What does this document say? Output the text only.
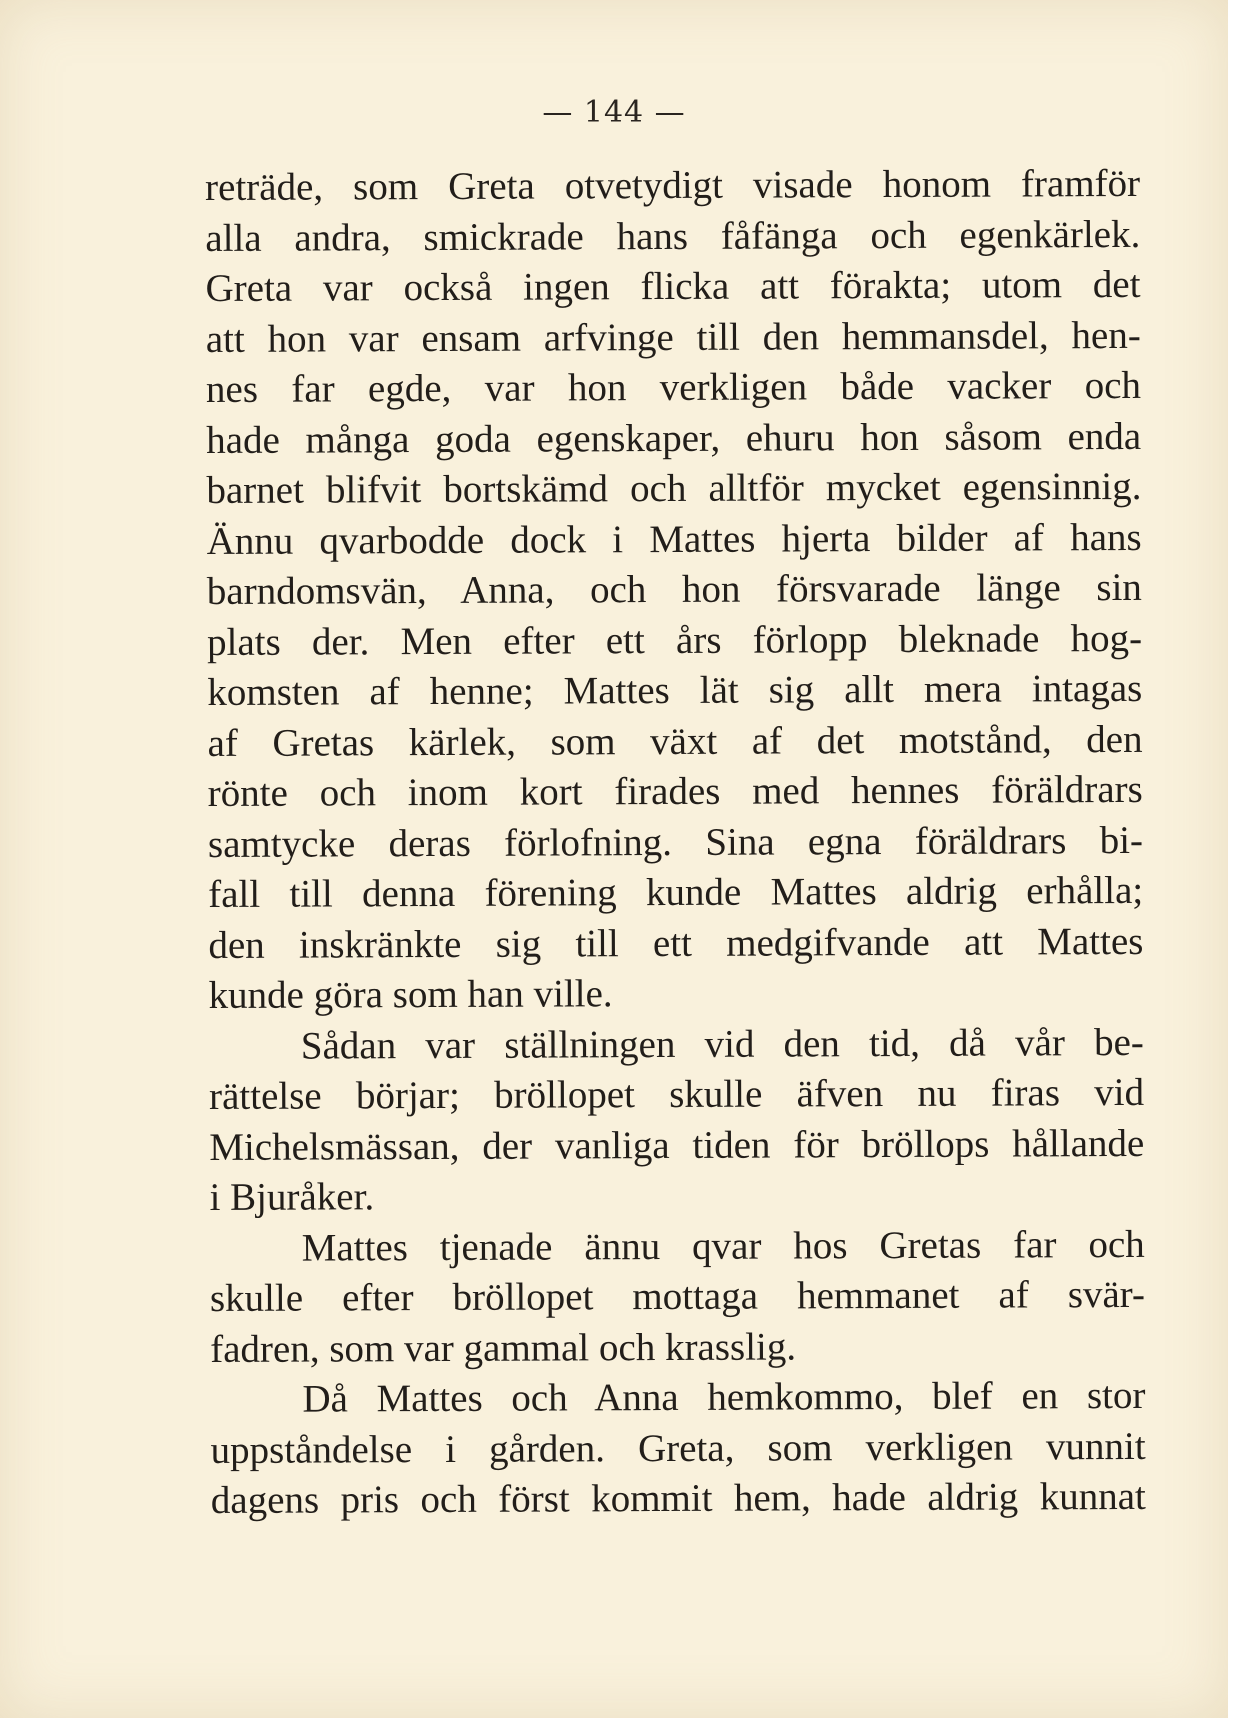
— 144 —
reträde, som Greta otvetydigt visade honom framför
alla andra, smickrade hans fåfänga och egenkärlek.
Greta var också ingen flicka att förakta; utom det
att hon var ensam arfvinge till den hemmansdel, hen-
nes far egde, var hon verkligen både vacker och
hade många goda egenskaper, ehuru hon såsom enda
barnet blifvit bortskämd och alltför mycket egensinnig.
Ännu qvarbodde dock i Mattes hjerta bilder af hans
barndomsvän, Anna, och hon försvarade länge sin
plats der. Men efter ett års förlopp bleknade hog-
komsten af henne; Mattes lät sig allt mera intagas
af Gretas kärlek, som växt af det motstånd, den
rönte och inom kort firades med hennes föräldrars
samtycke deras förlofning. Sina egna föräldrars bi-
fall till denna förening kunde Mattes aldrig erhålla;
den inskränkte sig till ett medgifvande att Mattes
kunde göra som han ville.
Sådan var ställningen vid den tid, då vår be-
rättelse börjar; bröllopet skulle äfven nu firas vid
Michelsmässan, der vanliga tiden för bröllops hållande
i Bjuråker.
Mattes tjenade ännu qvar hos Gretas far och
skulle efter bröllopet mottaga hemmanet af svär-
fadren, som var gammal och krasslig.
Då Mattes och Anna hemkommo, blef en stor
uppståndelse i gården. Greta, som verkligen vunnit
dagens pris och först kommit hem, hade aldrig kunnat
